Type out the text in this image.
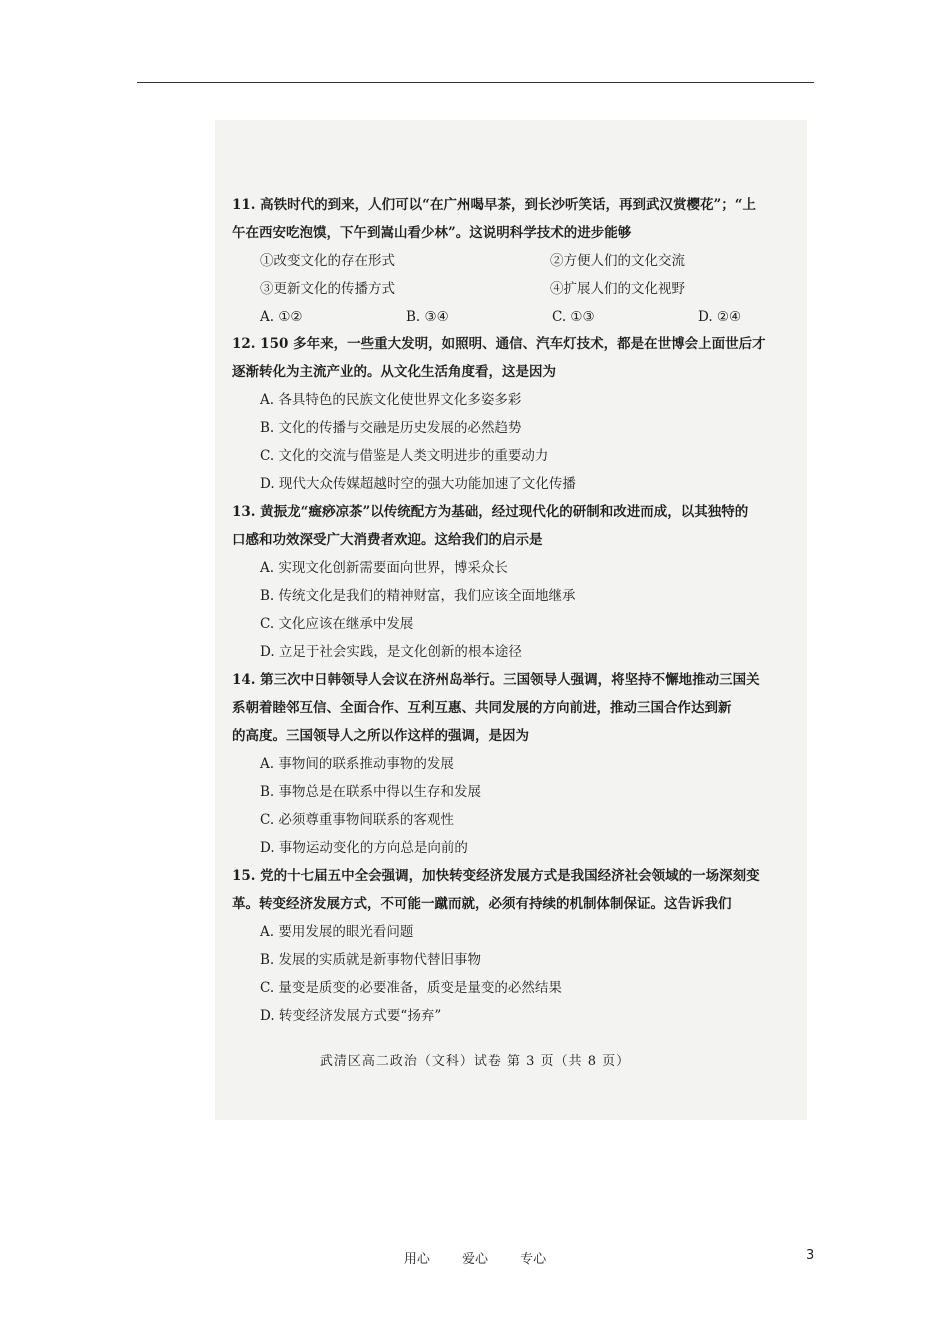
11. 高铁时代的到来，人们可以“在广州喝早茶，到长沙听笑话，再到武汉赏樱花”；“上
午在西安吃泡馍，下午到嵩山看少林”。这说明科学技术的进步能够
①改变文化的存在形式	②方便人们的文化交流
③更新文化的传播方式	④扩展人们的文化视野
A. ①②	B. ③④	C. ①③	D. ②④
12. 150 多年来，一些重大发明，如照明、通信、汽车灯技术，都是在世博会上面世后才
逐渐转化为主流产业的。从文化生活角度看，这是因为
A. 各具特色的民族文化使世界文化多姿多彩
B. 文化的传播与交融是历史发展的必然趋势
C. 文化的交流与借鉴是人类文明进步的重要动力
D. 现代大众传媒超越时空的强大功能加速了文化传播
13. 黄振龙“癍痧凉茶”以传统配方为基础，经过现代化的研制和改进而成，以其独特的
口感和功效深受广大消费者欢迎。这给我们的启示是
A. 实现文化创新需要面向世界，博采众长
B. 传统文化是我们的精神财富，我们应该全面地继承
C. 文化应该在继承中发展
D. 立足于社会实践，是文化创新的根本途径
14. 第三次中日韩领导人会议在济州岛举行。三国领导人强调，将坚持不懈地推动三国关
系朝着睦邻互信、全面合作、互利互惠、共同发展的方向前进，推动三国合作达到新
的高度。三国领导人之所以作这样的强调，是因为
A. 事物间的联系推动事物的发展
B. 事物总是在联系中得以生存和发展
C. 必须尊重事物间联系的客观性
D. 事物运动变化的方向总是向前的
15. 党的十七届五中全会强调，加快转变经济发展方式是我国经济社会领域的一场深刻变
革。转变经济发展方式，不可能一蹴而就，必须有持续的机制体制保证。这告诉我们
A. 要用发展的眼光看问题
B. 发展的实质就是新事物代替旧事物
C. 量变是质变的必要准备，质变是量变的必然结果
D. 转变经济发展方式要“扬弃”
武清区高二政治（文科）试卷 第 3 页（共 8 页）
用心 爱心 专心	3
